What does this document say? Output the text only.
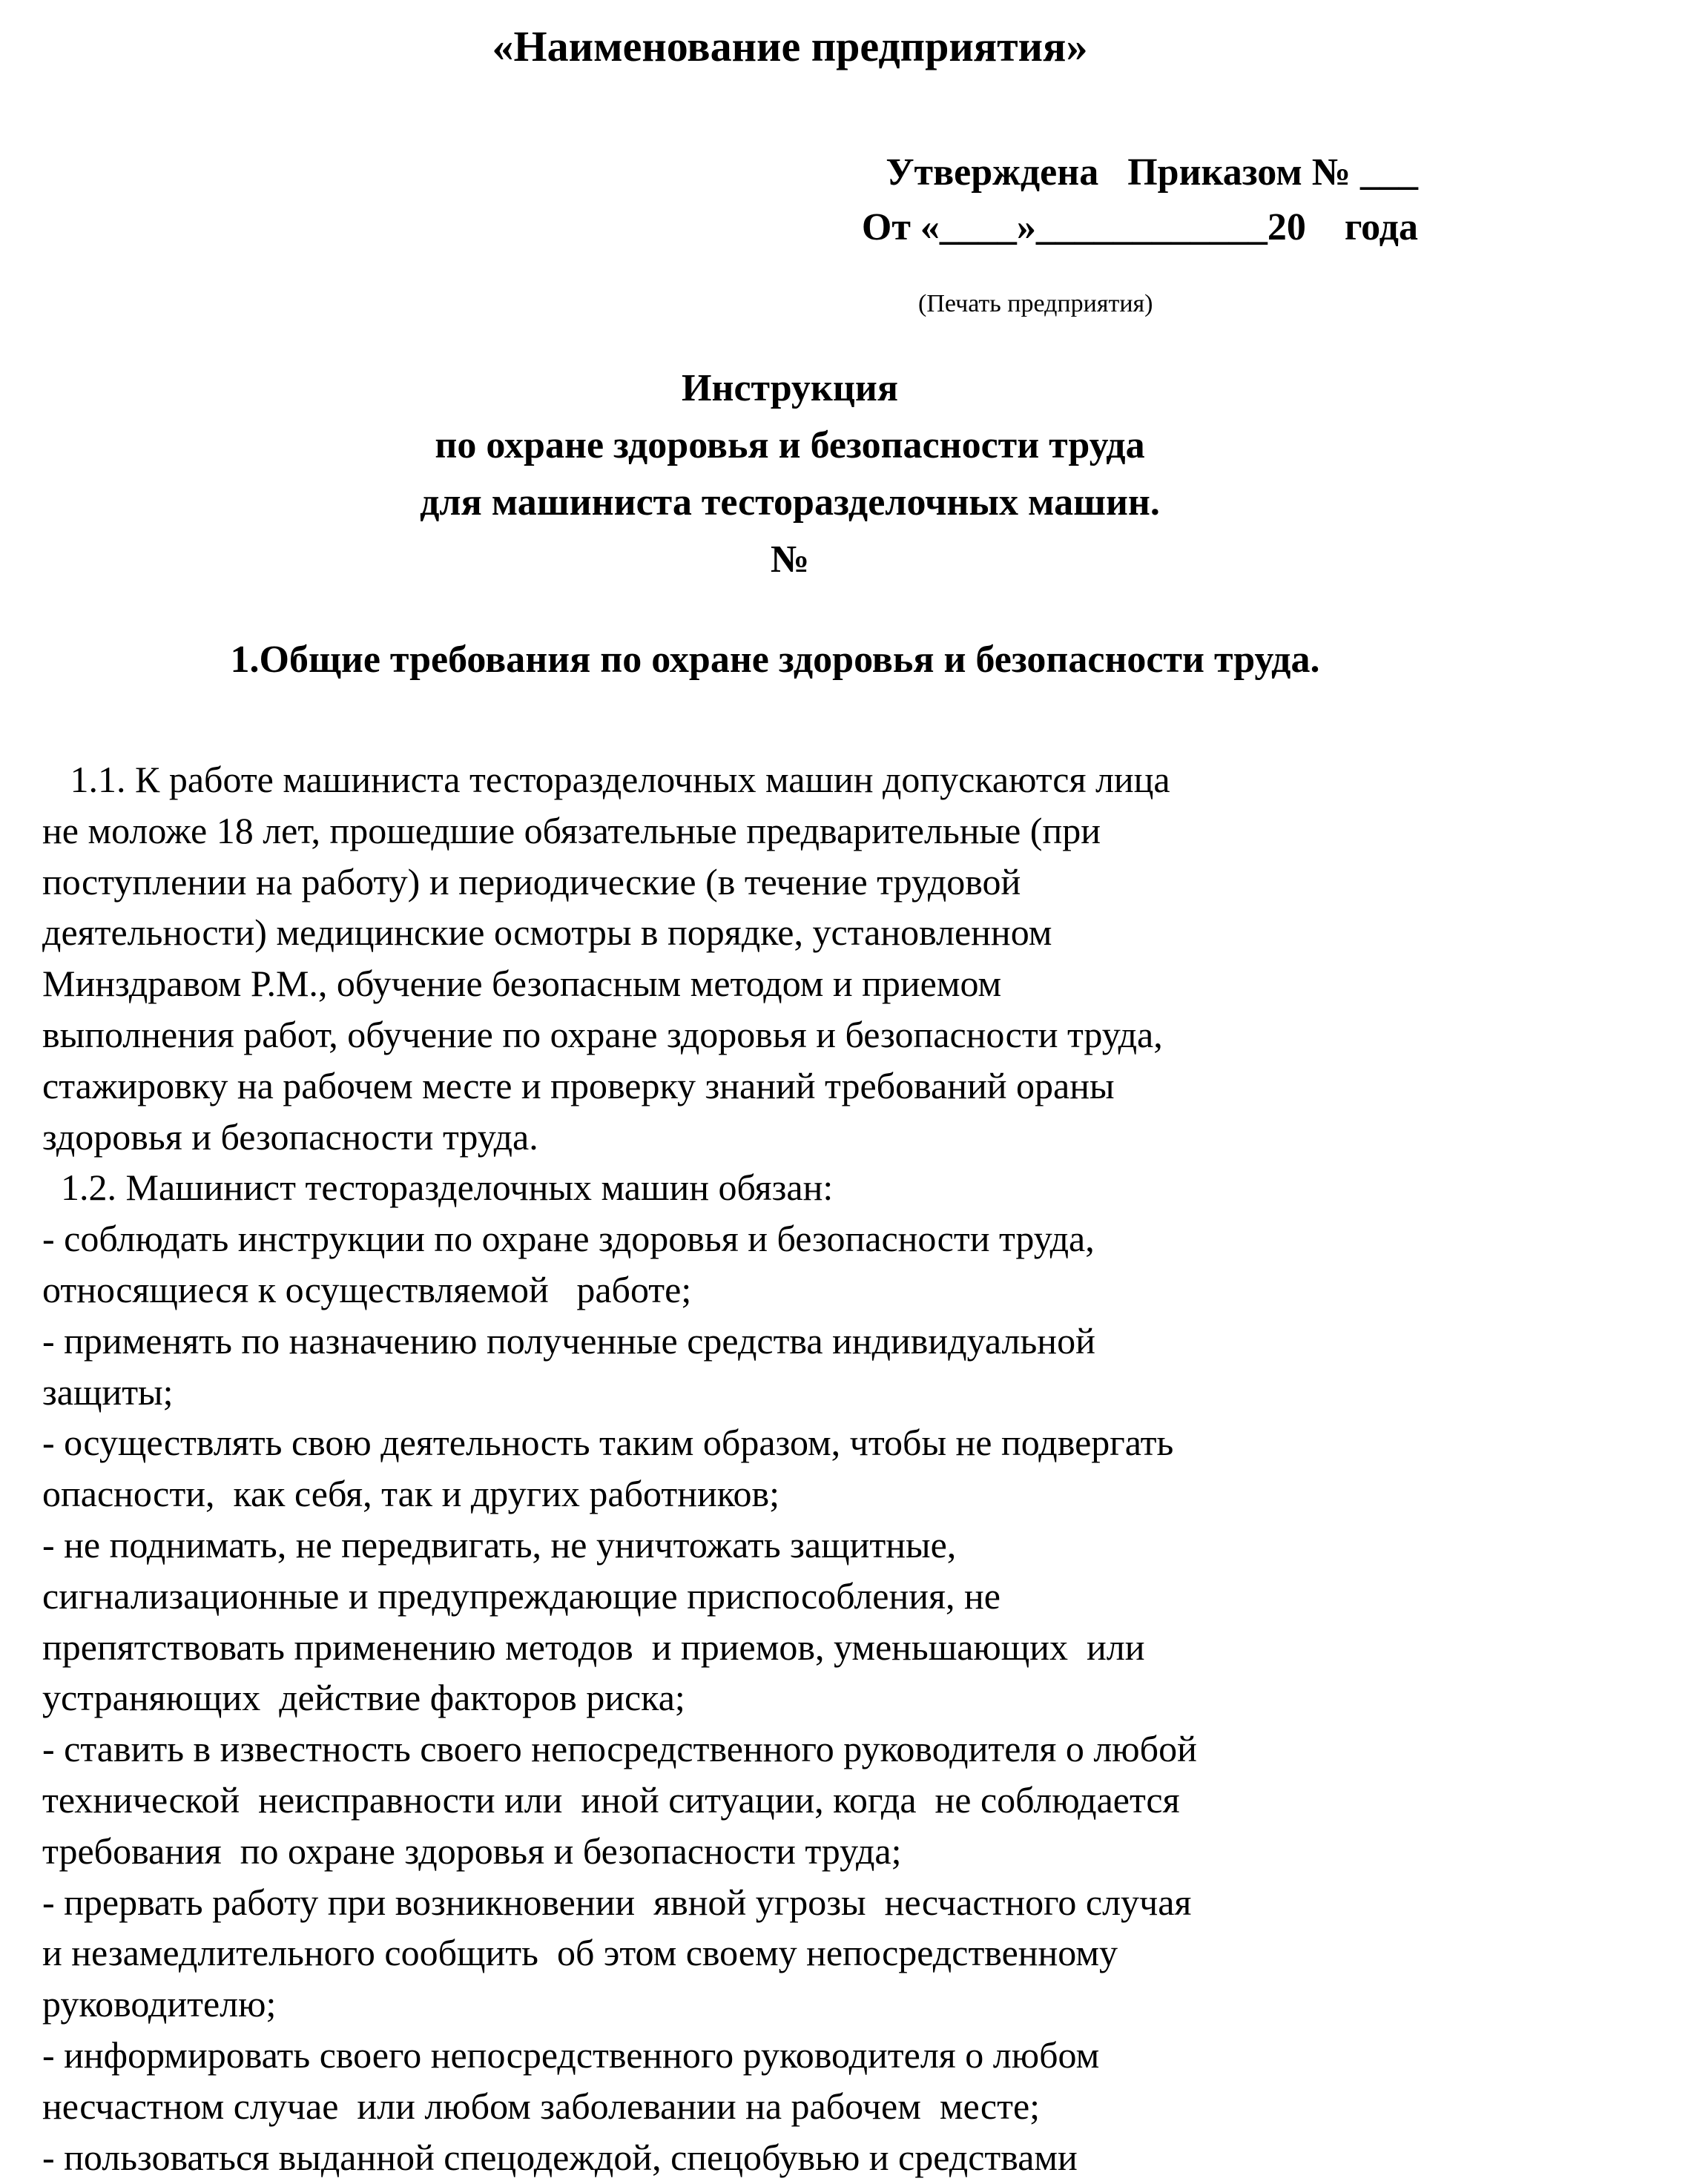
«Наименование предприятия»
Утверждена   Приказом № ___
От «____»____________20    года
(Печать предприятия)
Инструкция
по охране здоровья и безопасности труда
для машиниста тесторазделочных машин.
№
1.Общие требования по охране здоровья и безопасности труда.
1.1. К работе машиниста тесторазделочных машин допускаются лица
не моложе 18 лет, прошедшие обязательные предварительные (при
поступлении на работу) и периодические (в течение трудовой
деятельности) медицинские осмотры в порядке, установленном
Минздравом Р.М., обучение безопасным методом и приемом
выполнения работ, обучение по охране здоровья и безопасности труда,
стажировку на рабочем месте и проверку знаний требований ораны
здоровья и безопасности труда.
1.2. Машинист тесторазделочных машин обязан:
- соблюдать инструкции по охране здоровья и безопасности труда,
относящиеся к осуществляемой   работе;
- применять по назначению полученные средства индивидуальной
защиты;
- осуществлять свою деятельность таким образом, чтобы не подвергать
опасности,  как себя, так и других работников;
- не поднимать, не передвигать, не уничтожать защитные,
сигнализационные и предупреждающие приспособления, не
препятствовать применению методов  и приемов, уменьшающих  или
устраняющих  действие факторов риска;
- ставить в известность своего непосредственного руководителя о любой
технической  неисправности или  иной ситуации, когда  не соблюдается
требования  по охране здоровья и безопасности труда;
- прервать работу при возникновении  явной угрозы  несчастного случая
и незамедлительного сообщить  об этом своему непосредственному
руководителю;
- информировать своего непосредственного руководителя о любом
несчастном случае  или любом заболевании на рабочем  месте;
- пользоваться выданной спецодеждой, спецобувью и средствами
